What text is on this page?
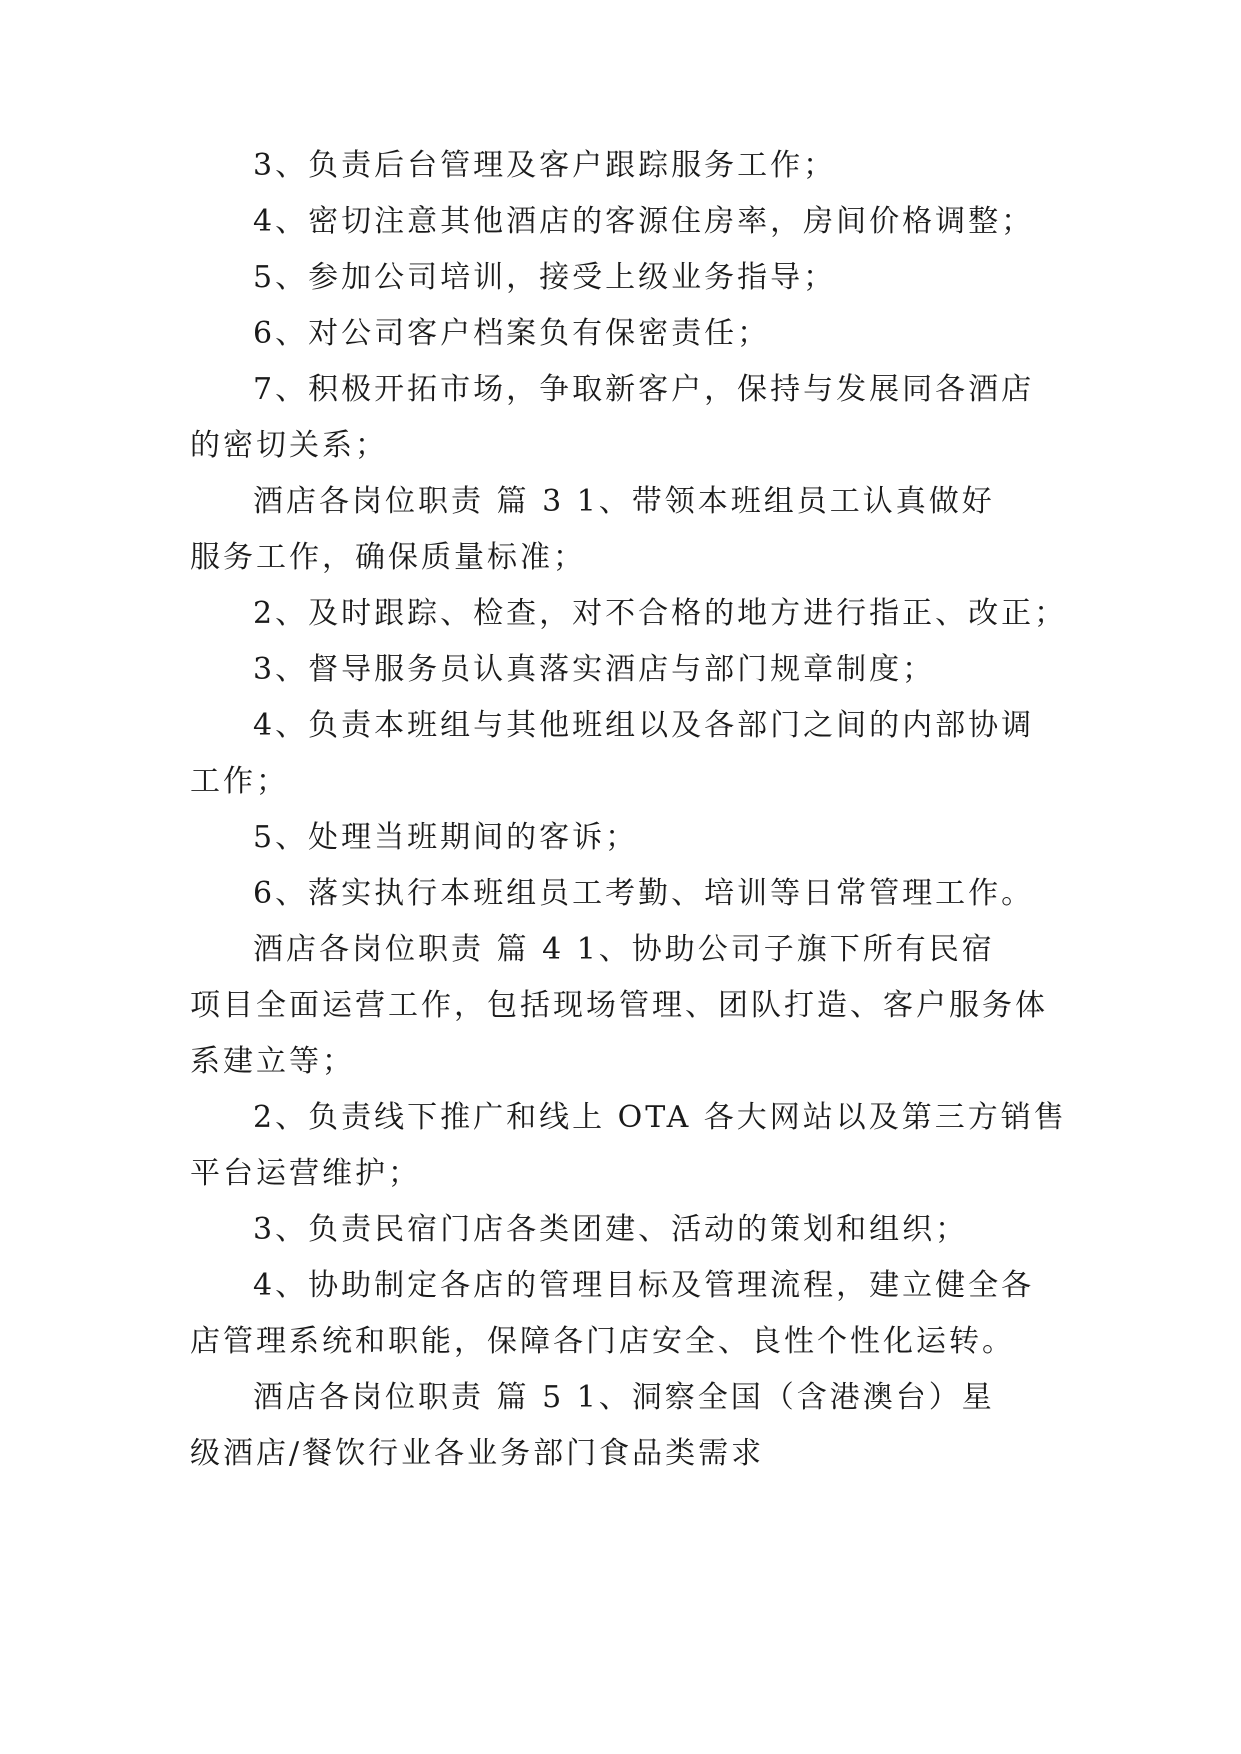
3、负责后台管理及客户跟踪服务工作；
4、密切注意其他酒店的客源住房率，房间价格调整；
5、参加公司培训，接受上级业务指导；
6、对公司客户档案负有保密责任；
7、积极开拓市场，争取新客户，保持与发展同各酒店
的密切关系；
酒店各岗位职责 篇 3 1、带领本班组员工认真做好
服务工作，确保质量标准；
2、及时跟踪、检查，对不合格的地方进行指正、改正；
3、督导服务员认真落实酒店与部门规章制度；
4、负责本班组与其他班组以及各部门之间的内部协调
工作；
5、处理当班期间的客诉；
6、落实执行本班组员工考勤、培训等日常管理工作。
酒店各岗位职责 篇 4 1、协助公司子旗下所有民宿
项目全面运营工作，包括现场管理、团队打造、客户服务体
系建立等；
2、负责线下推广和线上 OTA 各大网站以及第三方销售
平台运营维护；
3、负责民宿门店各类团建、活动的策划和组织；
4、协助制定各店的管理目标及管理流程，建立健全各
店管理系统和职能，保障各门店安全、良性个性化运转。
酒店各岗位职责 篇 5 1、洞察全国（含港澳台）星
级酒店/餐饮行业各业务部门食品类需求
